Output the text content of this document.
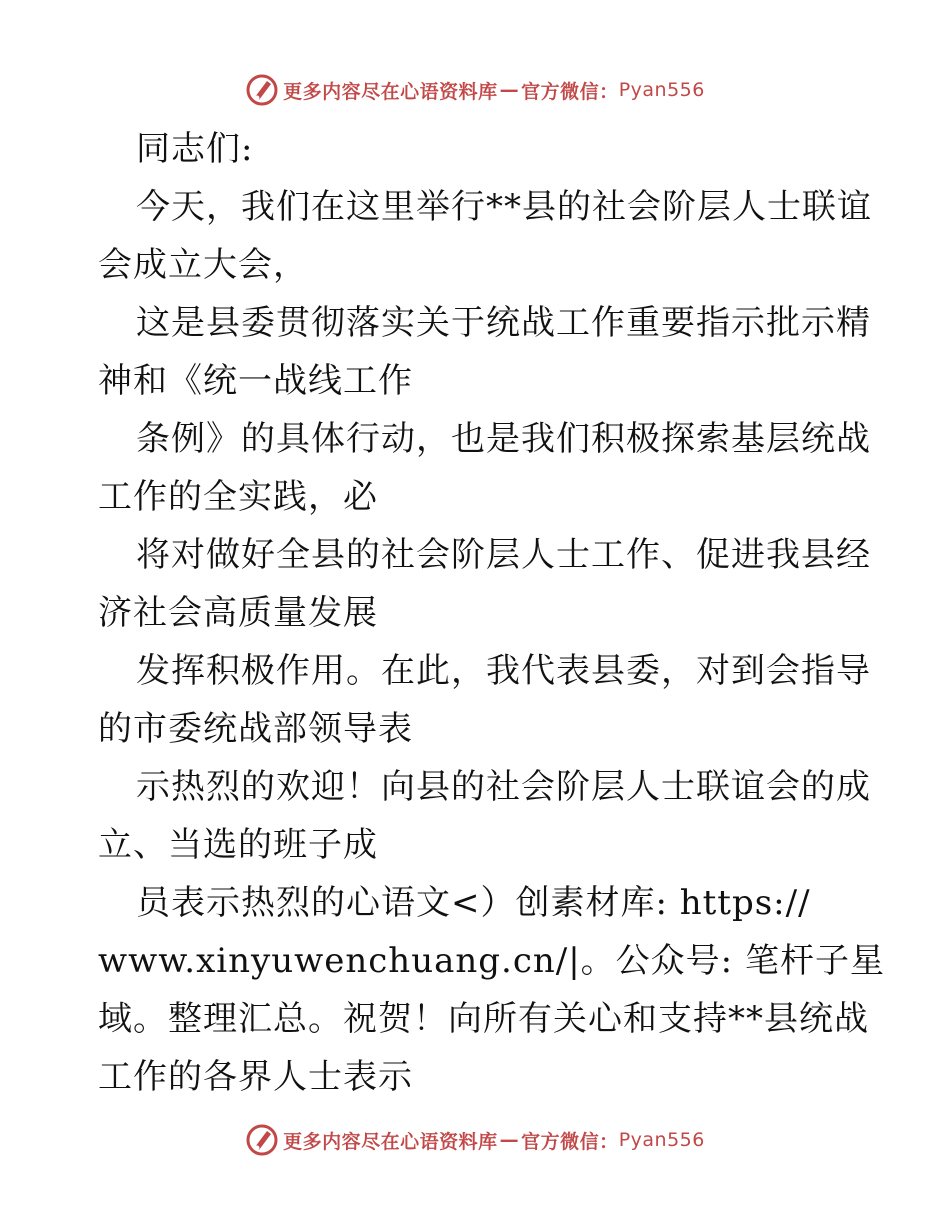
更多内容尽在心语资料库 — 官方微信： Pyan556
同志们:
今天，我们在这里举行**县的社会阶层人士联谊
会成立大会，
这是县委贯彻落实关于统战工作重要指示批示精
神和《统一战线工作
条例》的具体行动，也是我们积极探索基层统战
工作的全实践，必
将对做好全县的社会阶层人士工作、促进我县经
济社会高质量发展
发挥积极作用。在此，我代表县委，对到会指导
的市委统战部领导表
示热烈的欢迎！向县的社会阶层人士联谊会的成
立、当选的班子成
员表示热烈的心语文<）创素材库: https://
www.xinyuwenchuang.cn/|。公众号: 笔杆子星
域。整理汇总。祝贺！向所有关心和支持**县统战
工作的各界人士表示
更多内容尽在心语资料库 — 官方微信： Pyan556
